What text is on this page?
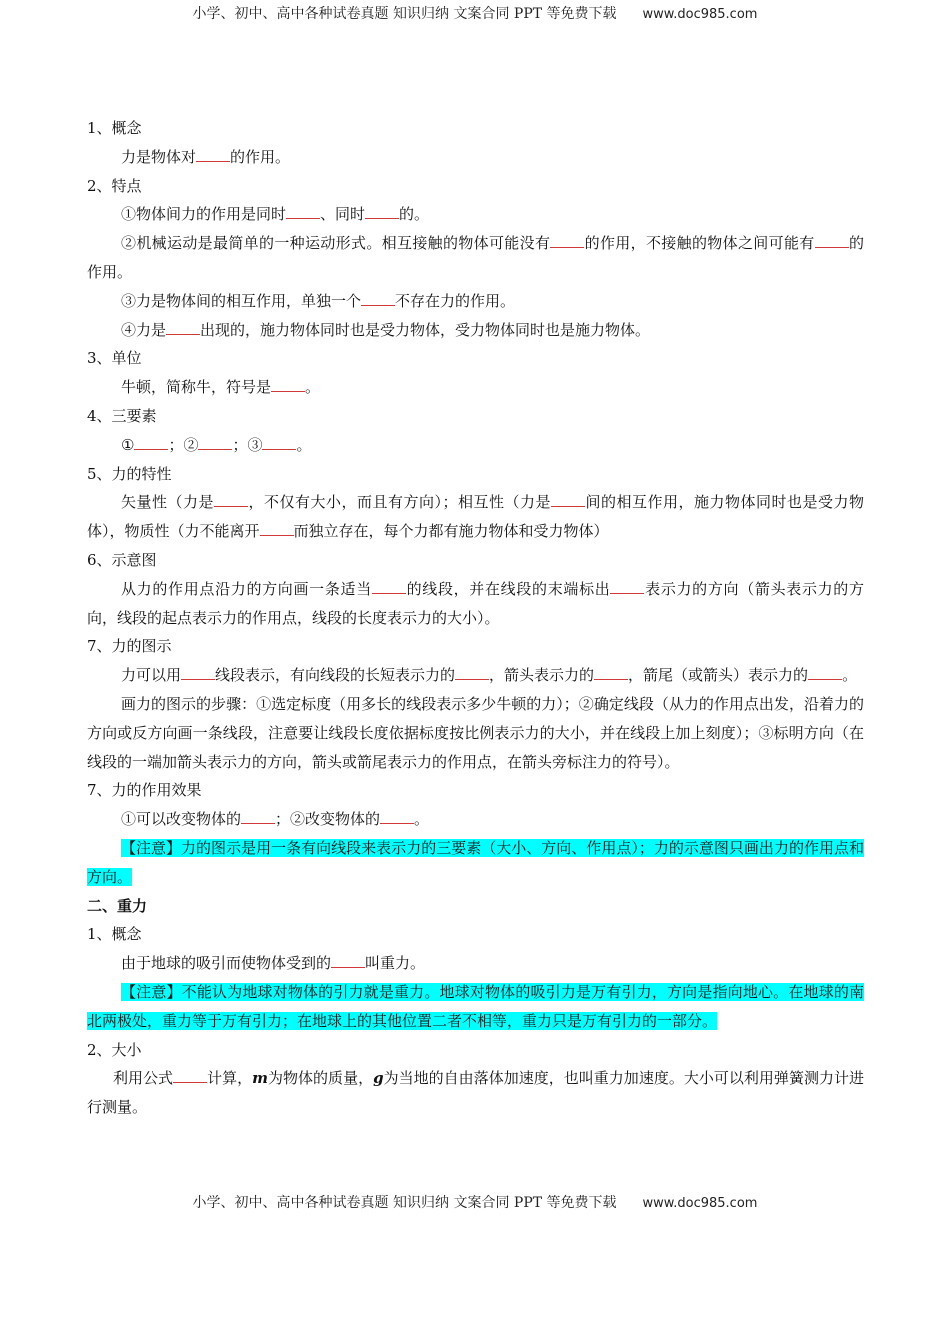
小学、初中、高中各种试卷真题 知识归纳 文案合同 PPT 等免费下载 www.doc985.com

1、概念

力是物体对 的作用。

2、特点

①物体间力的作用是同时 、同时 的。

②机械运动是最简单的一种运动形式。相互接触的物体可能没有 的作用，不接触的物体之间可能有 的作用。

③力是物体间的相互作用，单独一个 不存在力的作用。

④力是 出现的，施力物体同时也是受力物体，受力物体同时也是施力物体。

3、单位

牛顿，简称牛，符号是 。

4、三要素

① ；② ；③ 。

5、力的特性

矢量性（力是 ，不仅有大小，而且有方向）；相互性（力是 间的相互作用，施力物体同时也是受力物体），物质性（力不能离开 而独立存在，每个力都有施力物体和受力物体）

6、示意图

从力的作用点沿力的方向画一条适当 的线段，并在线段的末端标出 表示力的方向（箭头表示力的方向，线段的起点表示力的作用点，线段的长度表示力的大小）。

7、力的图示

力可以用 线段表示，有向线段的长短表示力的 ，箭头表示力的 ，箭尾（或箭头）表示力的 。

画力的图示的步骤：①选定标度（用多长的线段表示多少牛顿的力）；②确定线段（从力的作用点出发，沿着力的方向或反方向画一条线段，注意要让线段长度依据标度按比例表示力的大小，并在线段上加上刻度）；③标明方向（在线段的一端加箭头表示力的方向，箭头或箭尾表示力的作用点，在箭头旁标注力的符号）。

7、力的作用效果

①可以改变物体的 ；②改变物体的 。

【注意】力的图示是用一条有向线段来表示力的三要素（大小、方向、作用点）；力的示意图只画出力的作用点和方向。

二、重力

1、概念

由于地球的吸引而使物体受到的 叫重力。

【注意】不能认为地球对物体的引力就是重力。地球对物体的吸引力是万有引力，方向是指向地心。在地球的南北两极处，重力等于万有引力；在地球上的其他位置二者不相等，重力只是万有引力的一部分。

2、大小

利用公式 计算，m为物体的质量，g为当地的自由落体加速度，也叫重力加速度。大小可以利用弹簧测力计进行测量。

小学、初中、高中各种试卷真题 知识归纳 文案合同 PPT 等免费下载 www.doc985.com
